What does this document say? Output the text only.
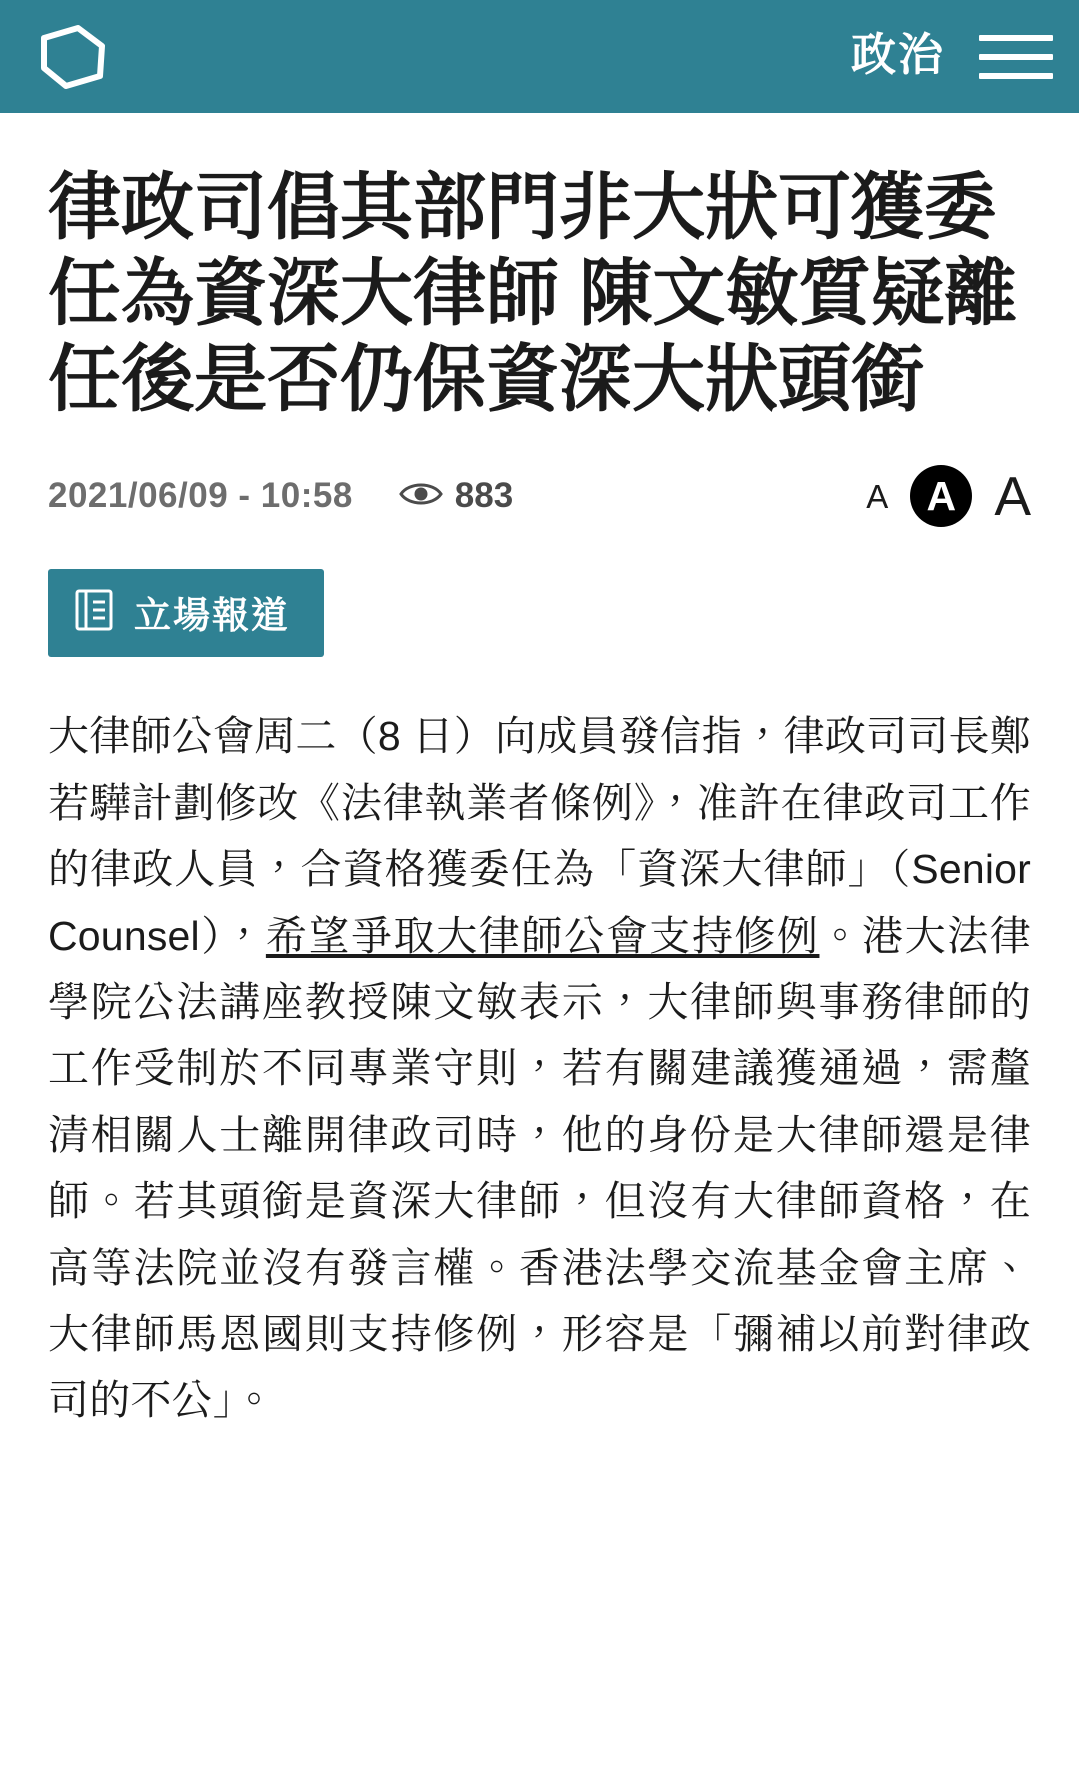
政治
律政司倡其部門非大狀可獲委任為資深大律師 陳文敏質疑離任後是否仍保資深大狀頭銜
2021/06/09 - 10:58	883	A A A
立場報道
大律師公會周二（8 日）向成員發信指，律政司司長鄭若驊計劃修改《法律執業者條例》，准許在律政司工作的律政人員，合資格獲委任為「資深大律師」（Senior Counsel），希望爭取大律師公會支持修例。港大法律學院公法講座教授陳文敏表示，大律師與事務律師的工作受制於不同專業守則，若有關建議獲通過，需釐清相關人士離開律政司時，他的身份是大律師還是律師。若其頭銜是資深大律師，但沒有大律師資格，在高等法院並沒有發言權。香港法學交流基金會主席、大律師馬恩國則支持修例，形容是「彌補以前對律政司的不公」。
